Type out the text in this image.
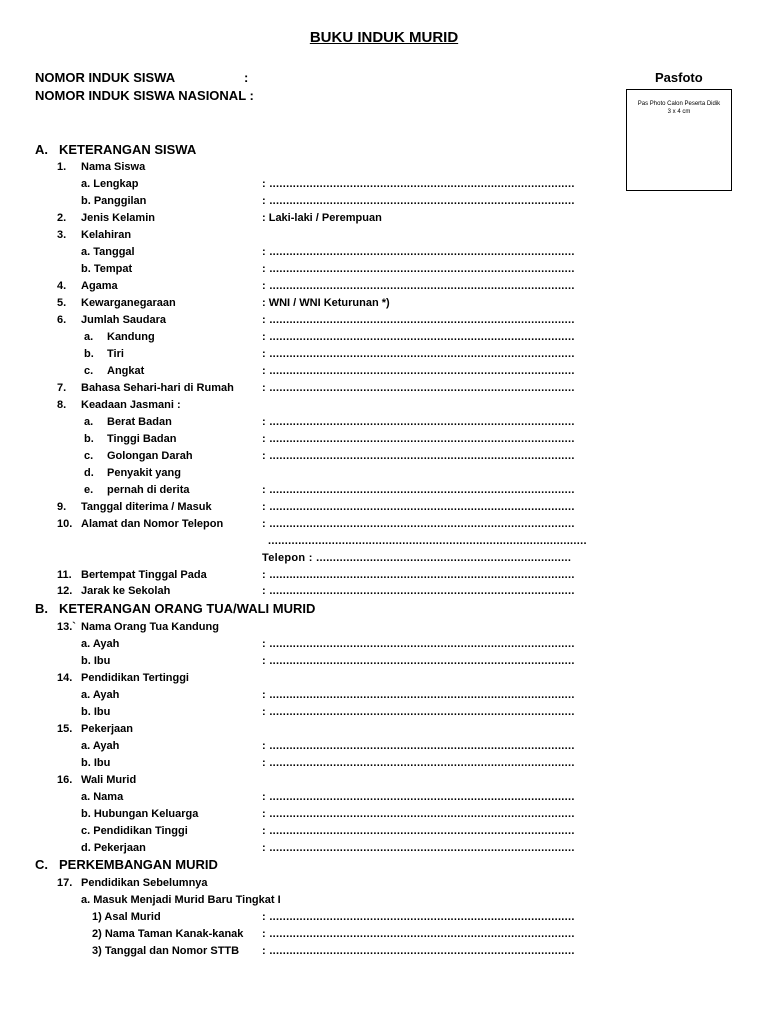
BUKU INDUK MURID
NOMOR INDUK SISWA	:
NOMOR INDUK SISWA NASIONAL :
Pasfoto
Pas Photo Calon Peserta Didik
3 x 4 cm
A. KETERANGAN SISWA
1. Nama Siswa
a. Lengkap	: ...........................................................................................
b. Panggilan	: ...........................................................................................
2. Jenis Kelamin	: Laki-laki / Perempuan
3. Kelahiran
a. Tanggal	: ...........................................................................................
b. Tempat	: ...........................................................................................
4. Agama	: ...........................................................................................
5. Kewarganegaraan	: WNI / WNI Keturunan *)
6. Jumlah Saudara	: ...........................................................................................
a. Kandung	: ...........................................................................................
b. Tiri	: ...........................................................................................
c. Angkat	: ...........................................................................................
7. Bahasa Sehari-hari di Rumah	: ...........................................................................................
8. Keadaan Jasmani :
a. Berat Badan	: ...........................................................................................
b. Tinggi Badan	: ...........................................................................................
c. Golongan Darah	: ...........................................................................................
d. Penyakit yang
e. pernah di derita	: ...........................................................................................
9. Tanggal diterima / Masuk	: ...........................................................................................
10. Alamat dan Nomor Telepon	: ...........................................................................................
...............................................................................................
Telepon : ............................................................................
11. Bertempat Tinggal Pada	: ...........................................................................................
12. Jarak ke Sekolah	: ...........................................................................................
B. KETERANGAN ORANG TUA/WALI MURID
13.` Nama Orang Tua Kandung
a. Ayah	: ...........................................................................................
b. Ibu	: ...........................................................................................
14. Pendidikan Tertinggi
a. Ayah	: ...........................................................................................
b. Ibu	: ...........................................................................................
15. Pekerjaan
a. Ayah	: ...........................................................................................
b. Ibu	: ...........................................................................................
16. Wali Murid
a. Nama	: ...........................................................................................
b. Hubungan Keluarga	: ...........................................................................................
c. Pendidikan Tinggi	: ...........................................................................................
d. Pekerjaan	: ...........................................................................................
C. PERKEMBANGAN MURID
17. Pendidikan Sebelumnya
a. Masuk Menjadi Murid Baru Tingkat I
1) Asal Murid	: ...........................................................................................
2) Nama Taman Kanak-kanak : ...........................................................................................
3) Tanggal dan Nomor STTB : ...........................................................................................
